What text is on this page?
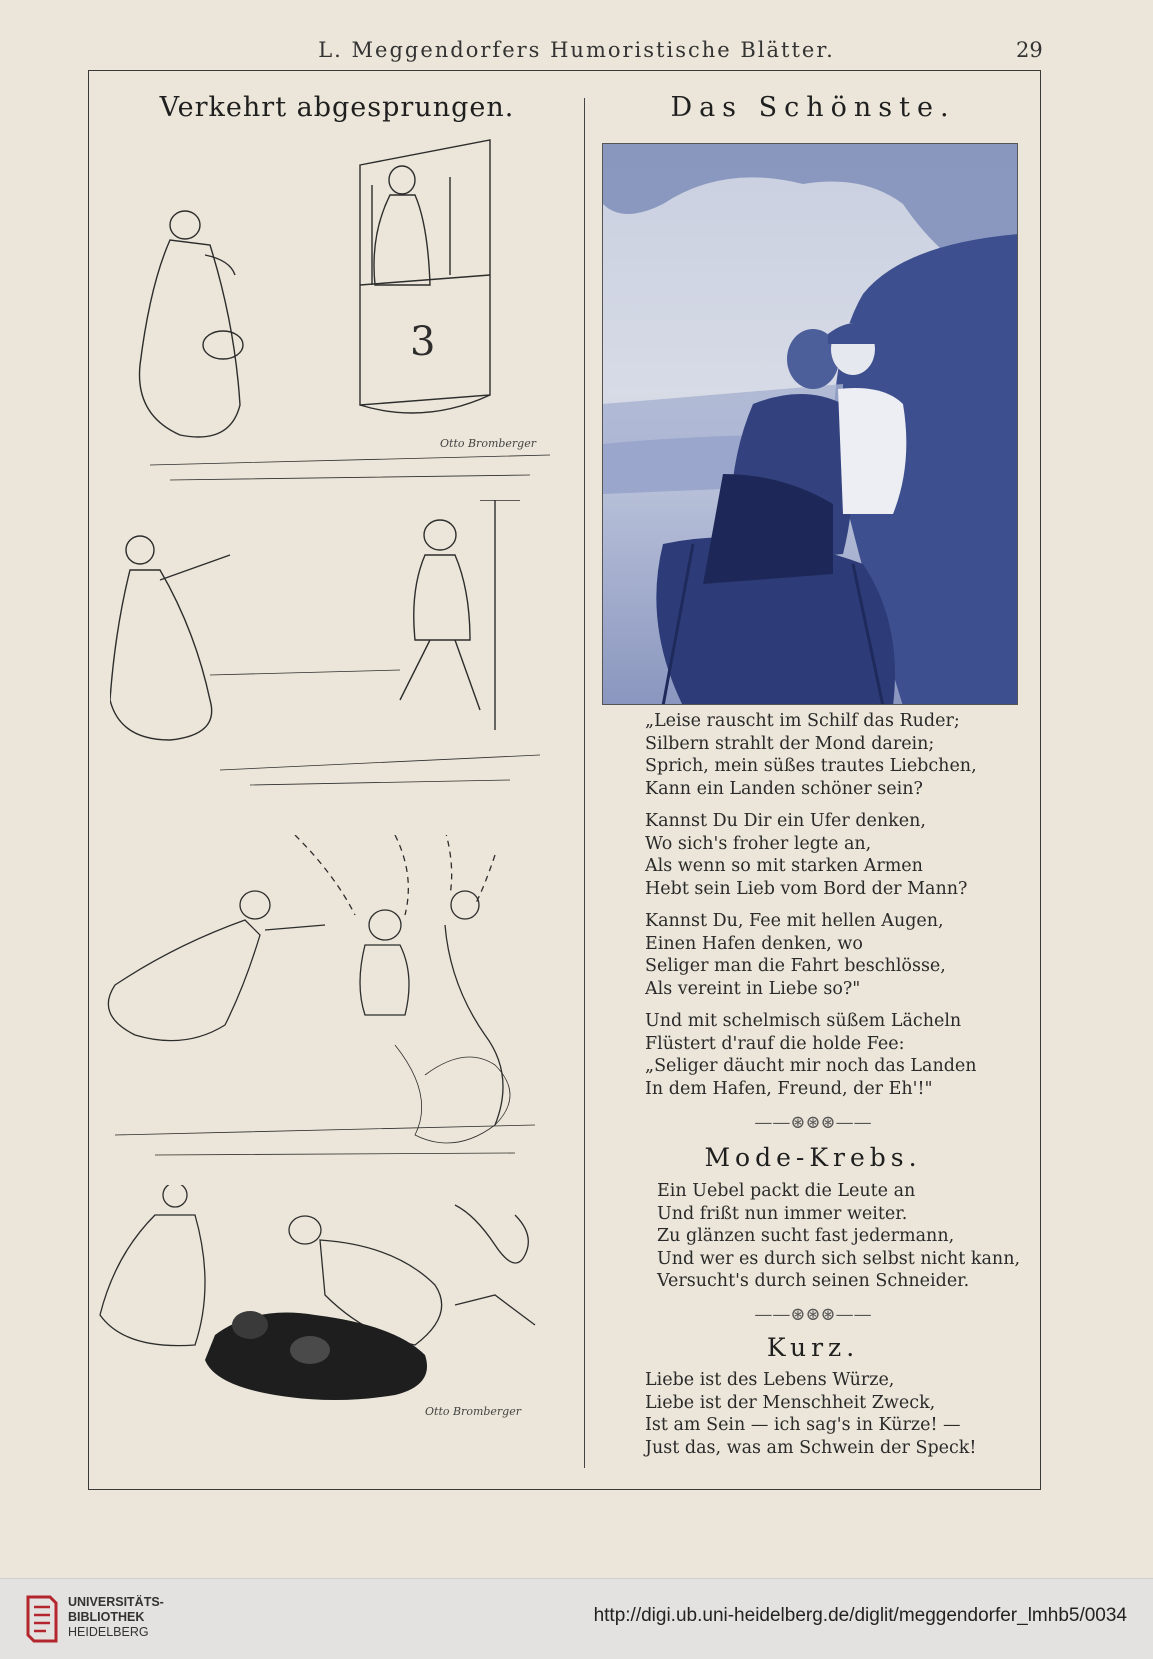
L. Meggendorfers Humoristische Blätter.	29
Verkehrt abgesprungen.	Das Schönste.
3
Otto Bromberger
Otto Bromberger
„Leise rauscht im Schilf das Ruder;
Silbern strahlt der Mond darein;
Sprich, mein süßes trautes Liebchen,
Kann ein Landen schöner sein?
Kannst Du Dir ein Ufer denken,
Wo sich's froher legte an,
Als wenn so mit starken Armen
Hebt sein Lieb vom Bord der Mann?
Kannst Du, Fee mit hellen Augen,
Einen Hafen denken, wo
Seliger man die Fahrt beschlösse,
Als vereint in Liebe so?"
Und mit schelmisch süßem Lächeln
Flüstert d'rauf die holde Fee:
„Seliger däucht mir noch das Landen
In dem Hafen, Freund, der Eh'!"
——⊛⊛⊛——
Mode-Krebs.
Ein Uebel packt die Leute an
Und frißt nun immer weiter.
Zu glänzen sucht fast jedermann,
Und wer es durch sich selbst nicht kann,
Versucht's durch seinen Schneider.
——⊛⊛⊛——
Kurz.
Liebe ist des Lebens Würze,
Liebe ist der Menschheit Zweck,
Ist am Sein — ich sag's in Kürze! —
Just das, was am Schwein der Speck!
UNIVERSITÄTS-
BIBLIOTHEK
HEIDELBERG
http://digi.ub.uni-heidelberg.de/diglit/meggendorfer_lmhb5/0034
